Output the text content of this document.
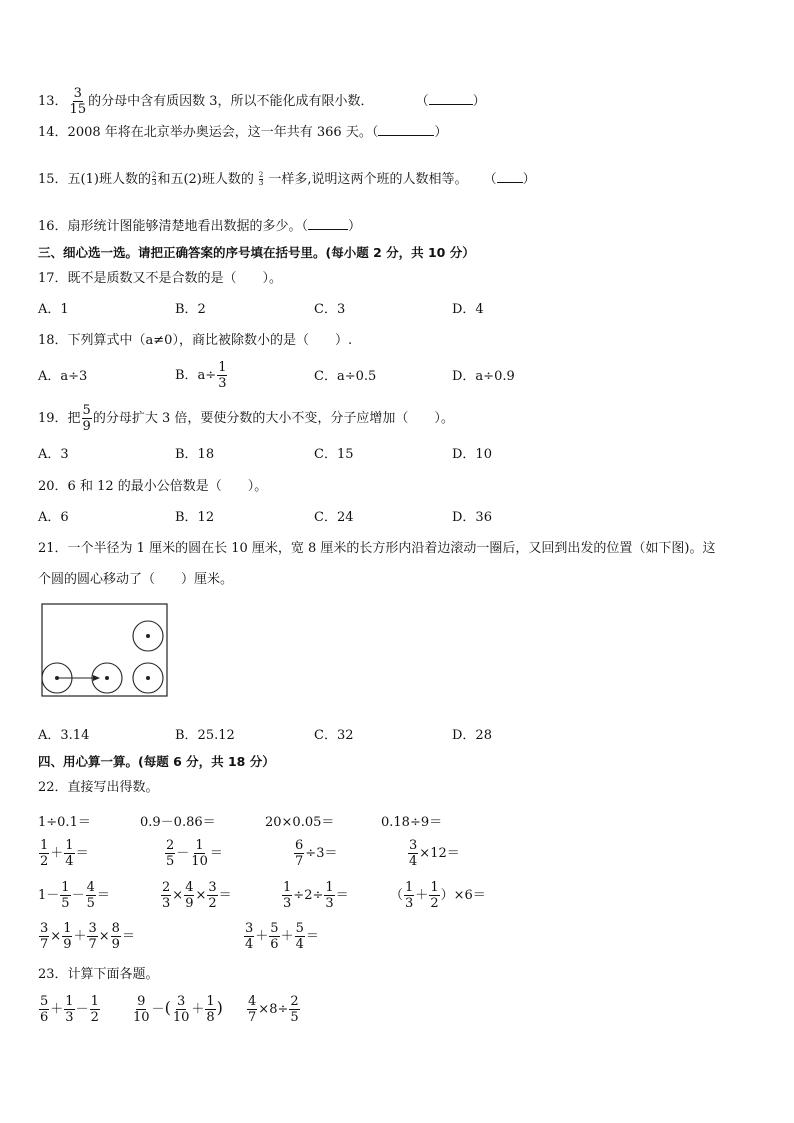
13． $\frac{3}{15}$ 的分母中含有质因数 3，所以不能化成有限小数．	（	）
14．2008 年将在北京举办奥运会，这一年共有 366 天。（	）
15．五(1)班人数的 $\frac{2}{3}$ 和五(2)班人数的 $\frac{2}{3}$ 一样多,说明这两个班的人数相等。 （ ）
16．扇形统计图能够清楚地看出数据的多少。（	）
三、细心选一选。请把正确答案的序号填在括号里。(每小题 2 分，共 10 分）
17．既不是质数又不是合数的是（　　）。
A．1	B．2	C．3	D．4
18．下列算式中（a≠0），商比被除数小的是（　　）.
A．a÷3	B．$a\div \frac{1}{3}$	C．a÷0.5	D．a÷0.9
19．把 $\frac{5}{9}$ 的分母扩大 3 倍，要使分数的大小不变，分子应增加（　　）。
A．3	B．18	C．15	D．10
20．6 和 12 的最小公倍数是（　　）。
A．6	B．12	C．24	D．36
21．一个半径为 1 厘米的圆在长 10 厘米，宽 8 厘米的长方形内沿着边滚动一圈后，又回到出发的位置（如下图)。这
个圆的圆心移动了（　　）厘米。
A．3.14	B．25.12	C．32	D．28
四、用心算一算。(每题 6 分，共 18 分）
22．直接写出得数。
1÷0.1＝	0.9－0.86＝	20×0.05＝	0.18÷9＝
$\frac{1}{2} + \frac{1}{4}$ ＝	$\frac{2}{5} - \frac{1}{10}$ ＝	$\frac{6}{7} \div 3=$	$\frac{3}{4} \times 12=$
$1- \frac{1}{5} - \frac{4}{5}$ ＝	$\frac{2}{3} \times \frac{4}{9} \times \frac{3}{2}$ ＝	$\frac{1}{3} \div 2\div \frac{1}{3}$ ＝	（ $\frac{1}{3} + \frac{1}{2} )\times 6=$
$\frac{3}{7} \times \frac{1}{9} + \frac{3}{7} \times \frac{8}{9}$ ＝	$\frac{3}{4} + \frac{5}{6} + \frac{5}{4}$ ＝
23．计算下面各题。
$\frac{5}{6} + \frac{1}{3} - \frac{1}{2} \frac{9}{10}$ －( $\frac{3}{10} + \frac{1}{8}$ ) $\frac{4}{7} \times 8\div \frac{2}{5}$
